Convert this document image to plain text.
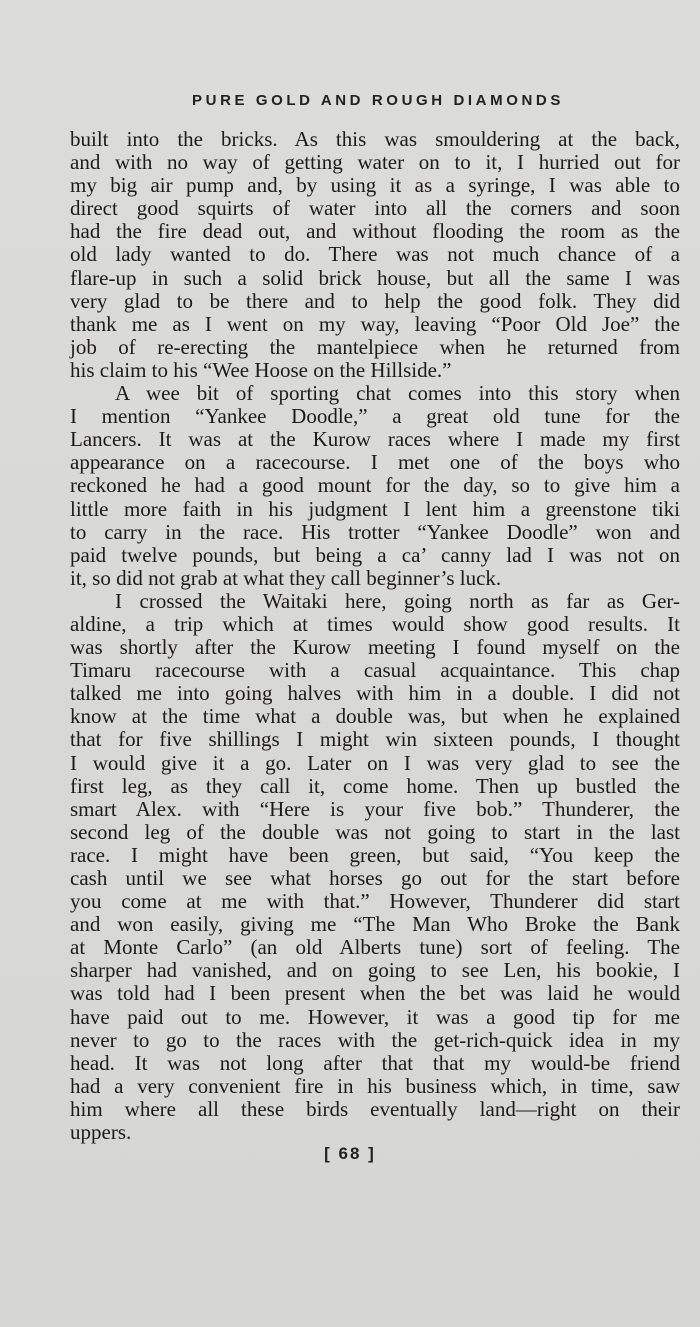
PURE GOLD AND ROUGH DIAMONDS
built into the bricks. As this was smouldering at the back,
and with no way of getting water on to it, I hurried out for
my big air pump and, by using it as a syringe, I was able to
direct good squirts of water into all the corners and soon
had the fire dead out, and without flooding the room as the
old lady wanted to do. There was not much chance of a
flare-up in such a solid brick house, but all the same I was
very glad to be there and to help the good folk. They did
thank me as I went on my way, leaving “Poor Old Joe” the
job of re-erecting the mantelpiece when he returned from
his claim to his “Wee Hoose on the Hillside.”
A wee bit of sporting chat comes into this story when
I mention “Yankee Doodle,” a great old tune for the
Lancers. It was at the Kurow races where I made my first
appearance on a racecourse. I met one of the boys who
reckoned he had a good mount for the day, so to give him a
little more faith in his judgment I lent him a greenstone tiki
to carry in the race. His trotter “Yankee Doodle” won and
paid twelve pounds, but being a ca’ canny lad I was not on
it, so did not grab at what they call beginner’s luck.
I crossed the Waitaki here, going north as far as Ger-
aldine, a trip which at times would show good results. It
was shortly after the Kurow meeting I found myself on the
Timaru racecourse with a casual acquaintance. This chap
talked me into going halves with him in a double. I did not
know at the time what a double was, but when he explained
that for five shillings I might win sixteen pounds, I thought
I would give it a go. Later on I was very glad to see the
first leg, as they call it, come home. Then up bustled the
smart Alex. with “Here is your five bob.” Thunderer, the
second leg of the double was not going to start in the last
race. I might have been green, but said, “You keep the
cash until we see what horses go out for the start before
you come at me with that.” However, Thunderer did start
and won easily, giving me “The Man Who Broke the Bank
at Monte Carlo” (an old Alberts tune) sort of feeling. The
sharper had vanished, and on going to see Len, his bookie, I
was told had I been present when the bet was laid he would
have paid out to me. However, it was a good tip for me
never to go to the races with the get-rich-quick idea in my
head. It was not long after that that my would-be friend
had a very convenient fire in his business which, in time, saw
him where all these birds eventually land—right on their
uppers.
[ 68 ]
